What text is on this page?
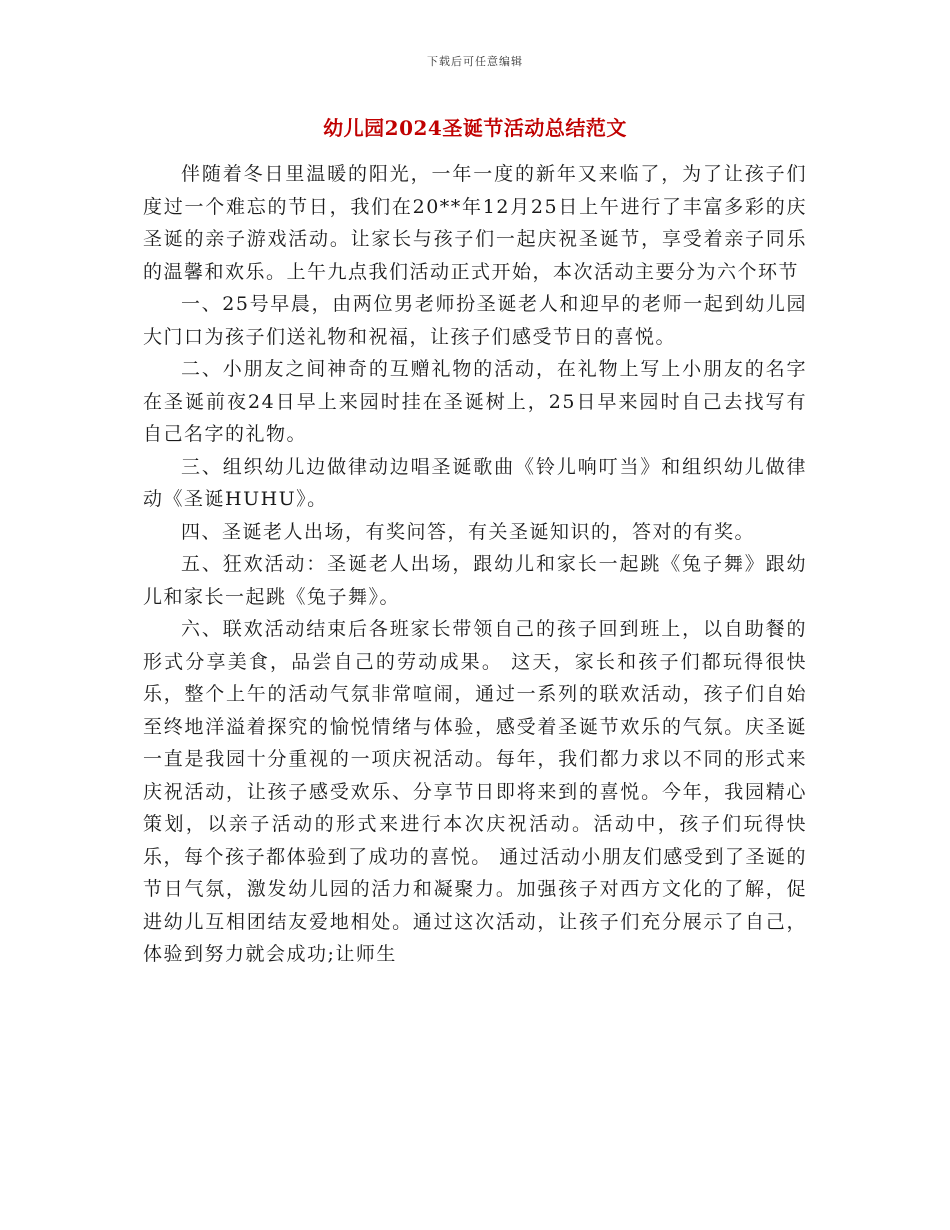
下载后可任意编辑
幼儿园2024圣诞节活动总结范文

伴随着冬日里温暖的阳光，一年一度的新年又来临了，为了让孩子们度过一个难忘的节日，我们在20**年12月25日上午进行了丰富多彩的庆圣诞的亲子游戏活动。让家长与孩子们一起庆祝圣诞节，享受着亲子同乐的温馨和欢乐。上午九点我们活动正式开始，本次活动主要分为六个环节

一、25号早晨，由两位男老师扮圣诞老人和迎早的老师一起到幼儿园大门口为孩子们送礼物和祝福，让孩子们感受节日的喜悦。

二、小朋友之间神奇的互赠礼物的活动，在礼物上写上小朋友的名字在圣诞前夜24日早上来园时挂在圣诞树上，25日早来园时自己去找写有自己名字的礼物。

三、组织幼儿边做律动边唱圣诞歌曲《铃儿响叮当》和组织幼儿做律动《圣诞HUHU》。

四、圣诞老人出场，有奖问答，有关圣诞知识的，答对的有奖。

五、狂欢活动：圣诞老人出场，跟幼儿和家长一起跳《兔子舞》跟幼儿和家长一起跳《兔子舞》。

六、联欢活动结束后各班家长带领自己的孩子回到班上，以自助餐的形式分享美食，品尝自己的劳动成果。 这天，家长和孩子们都玩得很快乐，整个上午的活动气氛非常喧闹，通过一系列的联欢活动，孩子们自始至终地洋溢着探究的愉悦情绪与体验，感受着圣诞节欢乐的气氛。庆圣诞一直是我园十分重视的一项庆祝活动。每年，我们都力求以不同的形式来庆祝活动，让孩子感受欢乐、分享节日即将来到的喜悦。今年，我园精心策划，以亲子活动的形式来进行本次庆祝活动。活动中，孩子们玩得快乐，每个孩子都体验到了成功的喜悦。 通过活动小朋友们感受到了圣诞的节日气氛，激发幼儿园的活力和凝聚力。加强孩子对西方文化的了解，促进幼儿互相团结友爱地相处。通过这次活动，让孩子们充分展示了自己，体验到努力就会成功;让师生
